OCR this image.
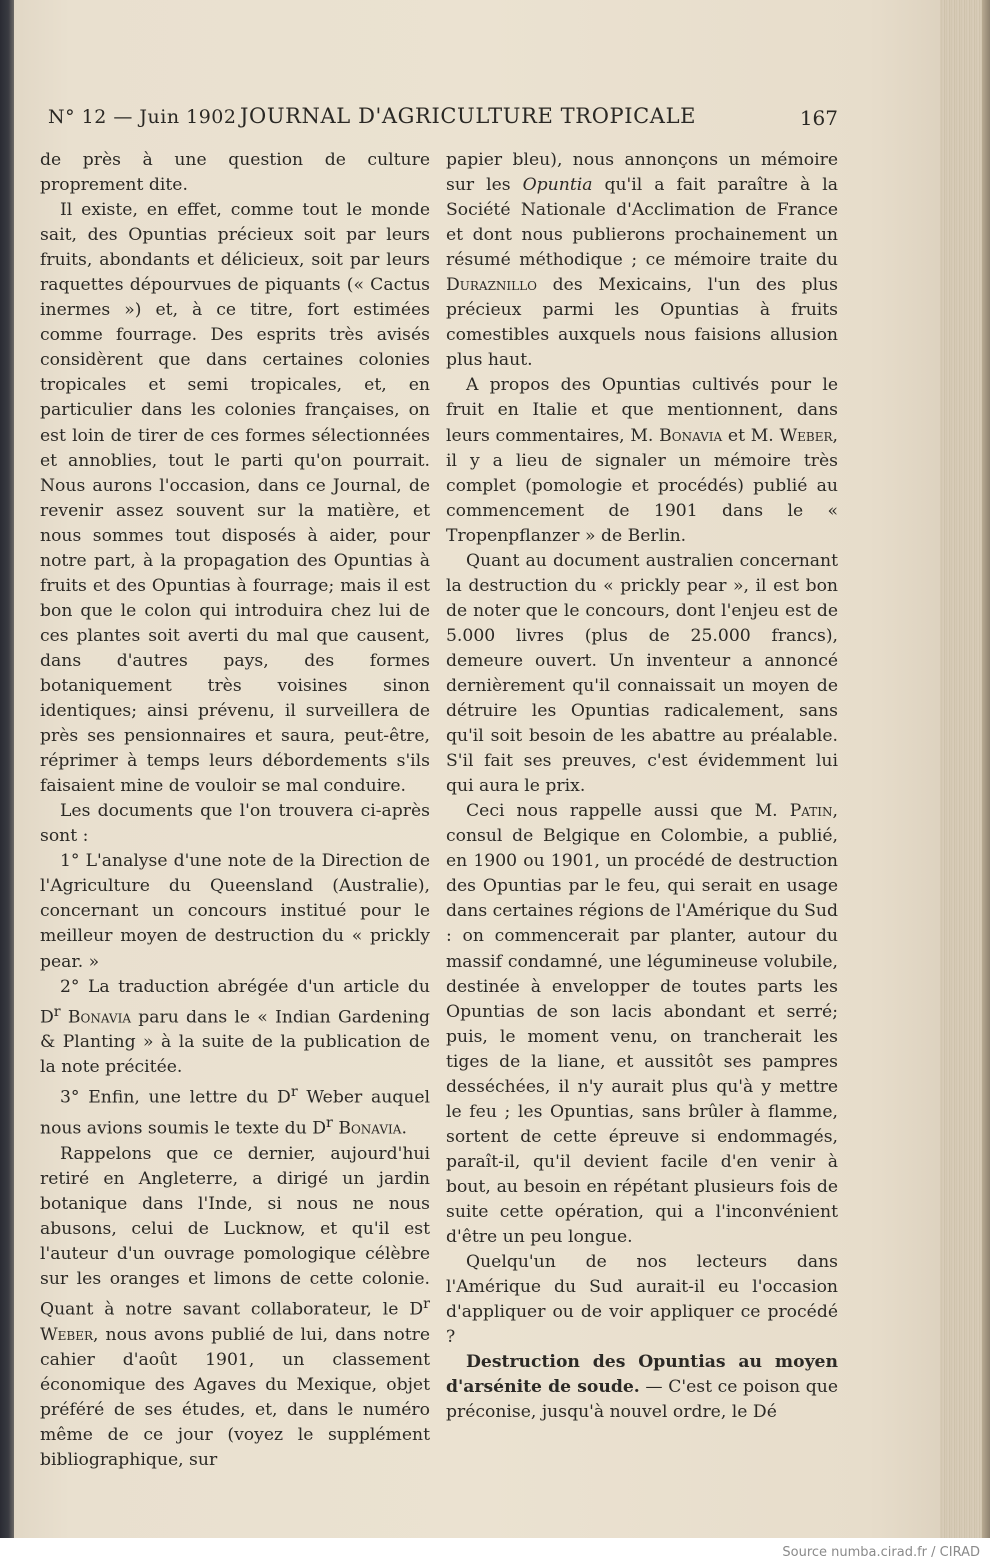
N° 12 — Juin 1902 JOURNAL D'AGRICULTURE TROPICALE	167

de près à une question de culture proprement dite.

Il existe, en effet, comme tout le monde sait, des Opuntias précieux soit par leurs fruits, abondants et délicieux, soit par leurs raquettes dépourvues de piquants (« Cactus inermes ») et, à ce titre, fort estimées comme fourrage. Des esprits très avisés considèrent que dans certaines colonies tropicales et semi tropicales, et, en particulier dans les colonies françaises, on est loin de tirer de ces formes sélectionnées et annoblies, tout le parti qu'on pourrait. Nous aurons l'occasion, dans ce Journal, de revenir assez souvent sur la matière, et nous sommes tout disposés à aider, pour notre part, à la propagation des Opuntias à fruits et des Opuntias à fourrage; mais il est bon que le colon qui introduira chez lui de ces plantes soit averti du mal que causent, dans d'autres pays, des formes botaniquement très voisines sinon identiques; ainsi prévenu, il surveillera de près ses pensionnaires et saura, peut-être, réprimer à temps leurs débordements s'ils faisaient mine de vouloir se mal conduire.

Les documents que l'on trouvera ci-après sont :

1° L'analyse d'une note de la Direction de l'Agriculture du Queensland (Australie), concernant un concours institué pour le meilleur moyen de destruction du « prickly pear. »

2° La traduction abrégée d'un article du $D^r$ Bonavia paru dans le « Indian Gardening & Planting » à la suite de la publication de la note précitée.

3° Enfin, une lettre du $D^r$ Weber auquel nous avions soumis le texte du $D^r$ Bonavia.

Rappelons que ce dernier, aujourd'hui retiré en Angleterre, a dirigé un jardin botanique dans l'Inde, si nous ne nous abusons, celui de Lucknow, et qu'il est l'auteur d'un ouvrage pomologique célèbre sur les oranges et limons de cette colonie. Quant à notre savant collaborateur, le $D^r$ Weber, nous avons publié de lui, dans notre cahier d'août 1901, un classement économique des Agaves du Mexique, objet préféré de ses études, et, dans le numéro même de ce jour (voyez le supplément bibliographique, sur

papier bleu), nous annonçons un mémoire sur les Opuntia qu'il a fait paraître à la Société Nationale d'Acclimation de France et dont nous publierons prochainement un résumé méthodique ; ce mémoire traite du Duraznillo des Mexicains, l'un des plus précieux parmi les Opuntias à fruits comestibles auxquels nous faisions allusion plus haut.

A propos des Opuntias cultivés pour le fruit en Italie et que mentionnent, dans leurs commentaires, M. Bonavia et M. Weber, il y a lieu de signaler un mémoire très complet (pomologie et procédés) publié au commencement de 1901 dans le « Tropenpflanzer » de Berlin.

Quant au document australien concernant la destruction du « prickly pear », il est bon de noter que le concours, dont l'enjeu est de 5.000 livres (plus de 25.000 francs), demeure ouvert. Un inventeur a annoncé dernièrement qu'il connaissait un moyen de détruire les Opuntias radicalement, sans qu'il soit besoin de les abattre au préalable. S'il fait ses preuves, c'est évidemment lui qui aura le prix.

Ceci nous rappelle aussi que M. Patin, consul de Belgique en Colombie, a publié, en 1900 ou 1901, un procédé de destruction des Opuntias par le feu, qui serait en usage dans certaines régions de l'Amérique du Sud : on commencerait par planter, autour du massif condamné, une légumineuse volubile, destinée à envelopper de toutes parts les Opuntias de son lacis abondant et serré; puis, le moment venu, on trancherait les tiges de la liane, et aussitôt ses pampres desséchées, il n'y aurait plus qu'à y mettre le feu ; les Opuntias, sans brûler à flamme, sortent de cette épreuve si endommagés, paraît-il, qu'il devient facile d'en venir à bout, au besoin en répétant plusieurs fois de suite cette opération, qui a l'inconvénient d'être un peu longue.

Quelqu'un de nos lecteurs dans l'Amérique du Sud aurait-il eu l'occasion d'appliquer ou de voir appliquer ce procédé ?

Destruction des Opuntias au moyen d'arsénite de soude. — C'est ce poison que préconise, jusqu'à nouvel ordre, le Dé

Source numba.cirad.fr / CIRAD
